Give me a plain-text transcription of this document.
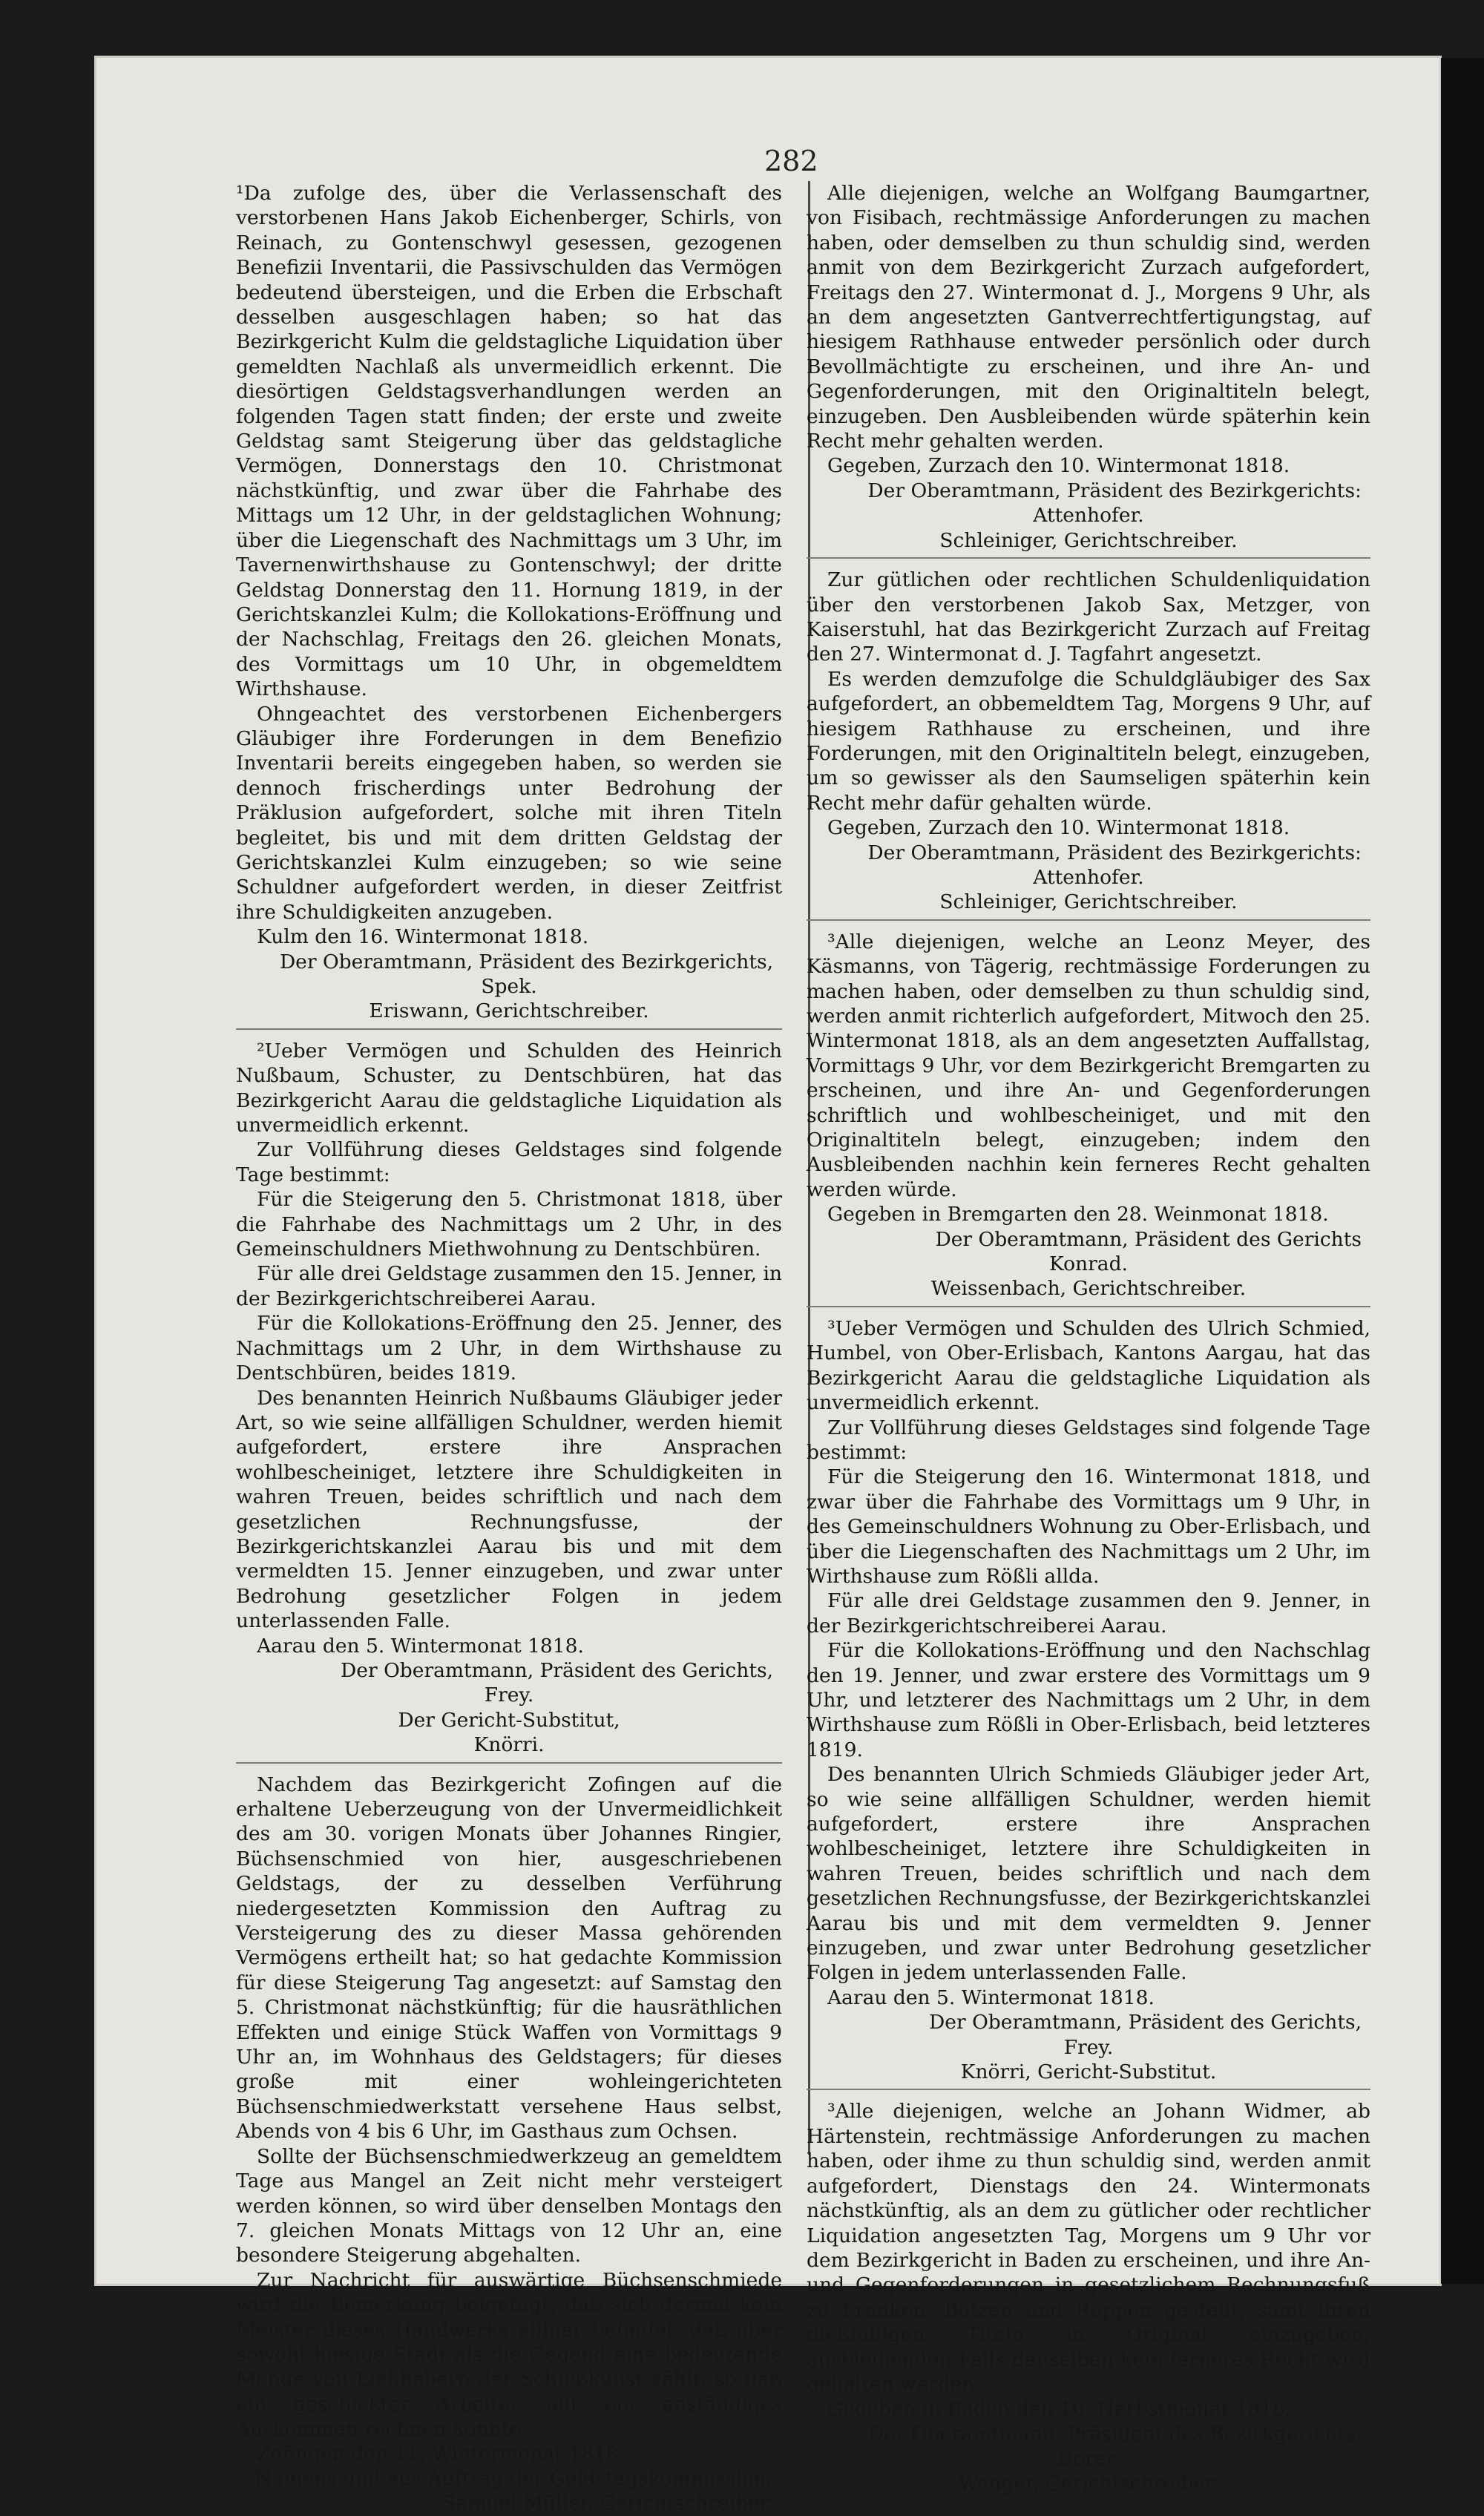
282

¹Da zufolge des, über die Verlassenschaft des verstorbenen Hans Jakob Eichenberger, Schirls, von Reinach, zu Gontenschwyl gesessen, gezogenen Benefizii Inventarii, die Passivschulden das Vermögen bedeutend übersteigen, und die Erben die Erbschaft desselben ausgeschlagen haben; so hat das Bezirkgericht Kulm die geldstagliche Liquidation über gemeldten Nachlaß als unvermeidlich erkennt. Die diesörtigen Geldstagsverhandlungen werden an folgenden Tagen statt finden; der erste und zweite Geldstag samt Steigerung über das geldstagliche Vermögen, Donnerstags den 10. Christmonat nächstkünftig, und zwar über die Fahrhabe des Mittags um 12 Uhr, in der geldstaglichen Wohnung; über die Liegenschaft des Nachmittags um 3 Uhr, im Tavernenwirthshause zu Gontenschwyl; der dritte Geldstag Donnerstag den 11. Hornung 1819, in der Gerichtskanzlei Kulm; die Kollokations-Eröffnung und der Nachschlag, Freitags den 26. gleichen Monats, des Vormittags um 10 Uhr, in obgemeldtem Wirthshause.

Ohngeachtet des verstorbenen Eichenbergers Gläubiger ihre Forderungen in dem Benefizio Inventarii bereits eingegeben haben, so werden sie dennoch frischerdings unter Bedrohung der Präklusion aufgefordert, solche mit ihren Titeln begleitet, bis und mit dem dritten Geldstag der Gerichtskanzlei Kulm einzugeben; so wie seine Schuldner aufgefordert werden, in dieser Zeitfrist ihre Schuldigkeiten anzugeben.

Kulm den 16. Wintermonat 1818.

Der Oberamtmann, Präsident des Bezirkgerichts,

Spek.

Eriswann, Gerichtschreiber.

²Ueber Vermögen und Schulden des Heinrich Nußbaum, Schuster, zu Dentschbüren, hat das Bezirkgericht Aarau die geldstagliche Liquidation als unvermeidlich erkennt.

Zur Vollführung dieses Geldstages sind folgende Tage bestimmt:

Für die Steigerung den 5. Christmonat 1818, über die Fahrhabe des Nachmittags um 2 Uhr, in des Gemeinschuldners Miethwohnung zu Dentschbüren.

Für alle drei Geldstage zusammen den 15. Jenner, in der Bezirkgerichtschreiberei Aarau.

Für die Kollokations-Eröffnung den 25. Jenner, des Nachmittags um 2 Uhr, in dem Wirthshause zu Dentschbüren, beides 1819.

Des benannten Heinrich Nußbaums Gläubiger jeder Art, so wie seine allfälligen Schuldner, werden hiemit aufgefordert, erstere ihre Ansprachen wohlbescheiniget, letztere ihre Schuldigkeiten in wahren Treuen, beides schriftlich und nach dem gesetzlichen Rechnungsfusse, der Bezirkgerichtskanzlei Aarau bis und mit dem vermeldten 15. Jenner einzugeben, und zwar unter Bedrohung gesetzlicher Folgen in jedem unterlassenden Falle.

Aarau den 5. Wintermonat 1818.

Der Oberamtmann, Präsident des Gerichts,

Frey.

Der Gericht-Substitut,

Knörri.

Nachdem das Bezirkgericht Zofingen auf die erhaltene Ueberzeugung von der Unvermeidlichkeit des am 30. vorigen Monats über Johannes Ringier, Büchsenschmied von hier, ausgeschriebenen Geldstags, der zu desselben Verführung niedergesetzten Kommission den Auftrag zu Versteigerung des zu dieser Massa gehörenden Vermögens ertheilt hat; so hat gedachte Kommission für diese Steigerung Tag angesetzt: auf Samstag den 5. Christmonat nächstkünftig; für die hausräthlichen Effekten und einige Stück Waffen von Vormittags 9 Uhr an, im Wohnhaus des Geldstagers; für dieses große mit einer wohleingerichteten Büchsenschmiedwerkstatt versehene Haus selbst, Abends von 4 bis 6 Uhr, im Gasthaus zum Ochsen.

Sollte der Büchsenschmiedwerkzeug an gemeldtem Tage aus Mangel an Zeit nicht mehr versteigert werden können, so wird über denselben Montags den 7. gleichen Monats Mittags von 12 Uhr an, eine besondere Steigerung abgehalten.

Zur Nachricht für auswärtige Büchsenschmiede wird die Bemerkung beigefügt, daß sich dermal kein Meister dieses Handwerks allhier befindet, daß aber sowohl hiesige Stadt als die Gegend eine bedeutende Menge von Liebhabern der Schießkunst zählt, so daß ein geschickter Arbeiter auf ein anständiges Auskommen rechnen könnte.

Zofingen den 11. Wintermonat 1818.

Namens und aus Auftrag der Geldstagskommission;

Samuel Müller, Gerichtschreiber.

Alle diejenigen, welche an Wolfgang Baumgartner, von Fisibach, rechtmässige Anforderungen zu machen haben, oder demselben zu thun schuldig sind, werden anmit von dem Bezirkgericht Zurzach aufgefordert, Freitags den 27. Wintermonat d. J., Morgens 9 Uhr, als an dem angesetzten Gantverrechtfertigungstag, auf hiesigem Rathhause entweder persönlich oder durch Bevollmächtigte zu erscheinen, und ihre An- und Gegenforderungen, mit den Originaltiteln belegt, einzugeben. Den Ausbleibenden würde späterhin kein Recht mehr gehalten werden.

Gegeben, Zurzach den 10. Wintermonat 1818.

Der Oberamtmann, Präsident des Bezirkgerichts:

Attenhofer.

Schleiniger, Gerichtschreiber.

Zur gütlichen oder rechtlichen Schuldenliquidation über den verstorbenen Jakob Sax, Metzger, von Kaiserstuhl, hat das Bezirkgericht Zurzach auf Freitag den 27. Wintermonat d. J. Tagfahrt angesetzt.

Es werden demzufolge die Schuldgläubiger des Sax aufgefordert, an obbemeldtem Tag, Morgens 9 Uhr, auf hiesigem Rathhause zu erscheinen, und ihre Forderungen, mit den Originaltiteln belegt, einzugeben, um so gewisser als den Saumseligen späterhin kein Recht mehr dafür gehalten würde.

Gegeben, Zurzach den 10. Wintermonat 1818.

Der Oberamtmann, Präsident des Bezirkgerichts:

Attenhofer.

Schleiniger, Gerichtschreiber.

³Alle diejenigen, welche an Leonz Meyer, des Käsmanns, von Tägerig, rechtmässige Forderungen zu machen haben, oder demselben zu thun schuldig sind, werden anmit richterlich aufgefordert, Mitwoch den 25. Wintermonat 1818, als an dem angesetzten Auffallstag, Vormittags 9 Uhr, vor dem Bezirkgericht Bremgarten zu erscheinen, und ihre An- und Gegenforderungen schriftlich und wohlbescheiniget, und mit den Originaltiteln belegt, einzugeben; indem den Ausbleibenden nachhin kein ferneres Recht gehalten werden würde.

Gegeben in Bremgarten den 28. Weinmonat 1818.

Der Oberamtmann, Präsident des Gerichts

Konrad.

Weissenbach, Gerichtschreiber.

³Ueber Vermögen und Schulden des Ulrich Schmied, Humbel, von Ober-Erlisbach, Kantons Aargau, hat das Bezirkgericht Aarau die geldstagliche Liquidation als unvermeidlich erkennt.

Zur Vollführung dieses Geldstages sind folgende Tage bestimmt:

Für die Steigerung den 16. Wintermonat 1818, und zwar über die Fahrhabe des Vormittags um 9 Uhr, in des Gemeinschuldners Wohnung zu Ober-Erlisbach, und über die Liegenschaften des Nachmittags um 2 Uhr, im Wirthshause zum Rößli allda.

Für alle drei Geldstage zusammen den 9. Jenner, in der Bezirkgerichtschreiberei Aarau.

Für die Kollokations-Eröffnung und den Nachschlag den 19. Jenner, und zwar erstere des Vormittags um 9 Uhr, und letzterer des Nachmittags um 2 Uhr, in dem Wirthshause zum Rößli in Ober-Erlisbach, beid letzteres 1819.

Des benannten Ulrich Schmieds Gläubiger jeder Art, so wie seine allfälligen Schuldner, werden hiemit aufgefordert, erstere ihre Ansprachen wohlbescheiniget, letztere ihre Schuldigkeiten in wahren Treuen, beides schriftlich und nach dem gesetzlichen Rechnungsfusse, der Bezirkgerichtskanzlei Aarau bis und mit dem vermeldten 9. Jenner einzugeben, und zwar unter Bedrohung gesetzlicher Folgen in jedem unterlassenden Falle.

Aarau den 5. Wintermonat 1818.

Der Oberamtmann, Präsident des Gerichts,

Frey.

Knörri, Gericht-Substitut.

³Alle diejenigen, welche an Johann Widmer, ab Härtenstein, rechtmässige Anforderungen zu machen haben, oder ihme zu thun schuldig sind, werden anmit aufgefordert, Dienstags den 24. Wintermonats nächstkünftig, als an dem zu gütlicher oder rechtlicher Liquidation angesetzten Tag, Morgens um 9 Uhr vor dem Bezirkgericht in Baden zu erscheinen, und ihre An- und Gegenforderungen in gesetzlichem Rechnungsfuß zu Franken, Batzen und Rappen gestellt, samt ihren dießfälligen Titeln in Original einzugeben; ausbleibenden Falls denselben kein ferneres Recht wird gehalten werden.

Gegeben in Baden den 16. Herbstmonat 1818.

Der Oberamtmann, Präsident des Bezirkgerichts,

Dorer.

Wanger, Gerichtschreiber.
